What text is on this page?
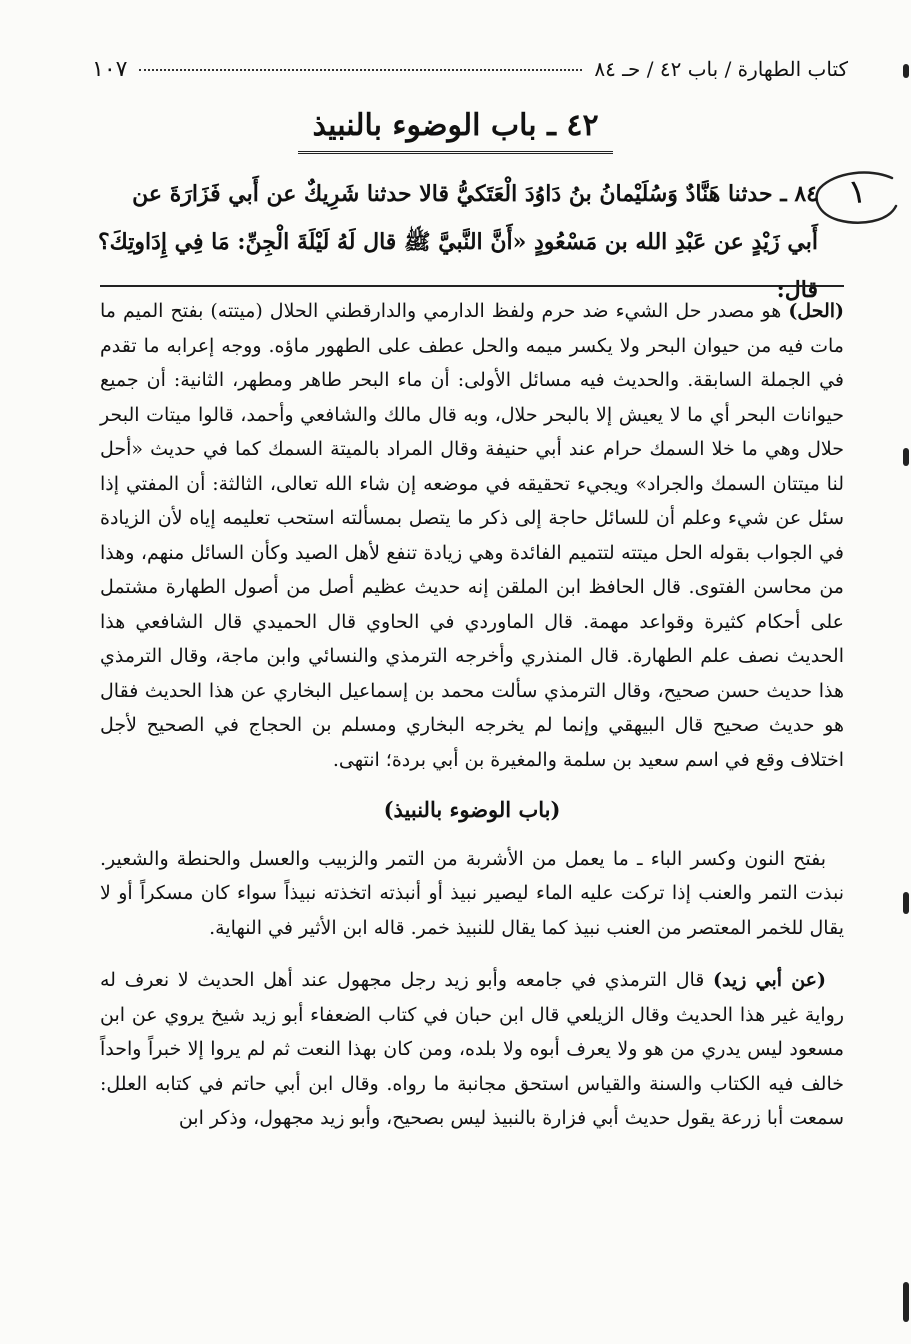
كتاب الطهارة / باب ٤٢ / حـ ٨٤
١٠٧
٤٢ ـ باب الوضوء بالنبيذ
١

٨٤ ـ حدثنا هَنَّادٌ وَسُلَيْمانُ بنُ دَاوُدَ الْعَتَكيُّ قالا حدثنا شَرِيكٌ عن أَبي فَزَارَةَ عن

أَبي زَيْدٍ عن عَبْدِ الله بن مَسْعُودٍ «أَنَّ النَّبيَّ ﷺ قال لَهُ لَيْلَةَ الْجِنِّ: مَا فِي إِدَاوتِكَ؟ قال:

(الحل) هو مصدر حل الشيء ضد حرم ولفظ الدارمي والدارقطني الحلال (ميتته) بفتح الميم ما مات فيه من حيوان البحر ولا يكسر ميمه والحل عطف على الطهور ماؤه. ووجه إعرابه ما تقدم في الجملة السابقة. والحديث فيه مسائل الأولى: أن ماء البحر طاهر ومطهر، الثانية: أن جميع حيوانات البحر أي ما لا يعيش إلا بالبحر حلال، وبه قال مالك والشافعي وأحمد، قالوا ميتات البحر حلال وهي ما خلا السمك حرام عند أبي حنيفة وقال المراد بالميتة السمك كما في حديث «أحل لنا ميتتان السمك والجراد» ويجيء تحقيقه في موضعه إن شاء الله تعالى، الثالثة: أن المفتي إذا سئل عن شيء وعلم أن للسائل حاجة إلى ذكر ما يتصل بمسألته استحب تعليمه إياه لأن الزيادة في الجواب بقوله الحل ميتته لتتميم الفائدة وهي زيادة تنفع لأهل الصيد وكأن السائل منهم، وهذا من محاسن الفتوى. قال الحافظ ابن الملقن إنه حديث عظيم أصل من أصول الطهارة مشتمل على أحكام كثيرة وقواعد مهمة. قال الماوردي في الحاوي قال الحميدي قال الشافعي هذا الحديث نصف علم الطهارة. قال المنذري وأخرجه الترمذي والنسائي وابن ماجة، وقال الترمذي هذا حديث حسن صحيح، وقال الترمذي سألت محمد بن إسماعيل البخاري عن هذا الحديث فقال هو حديث صحيح قال البيهقي وإنما لم يخرجه البخاري ومسلم بن الحجاج في الصحيح لأجل اختلاف وقع في اسم سعيد بن سلمة والمغيرة بن أبي بردة؛ انتهى.

(باب الوضوء بالنبيذ)

بفتح النون وكسر الباء ـ ما يعمل من الأشربة من التمر والزبيب والعسل والحنطة والشعير. نبذت التمر والعنب إذا تركت عليه الماء ليصير نبيذ أو أنبذته اتخذته نبيذاً سواء كان مسكراً أو لا يقال للخمر المعتصر من العنب نبيذ كما يقال للنبيذ خمر. قاله ابن الأثير في النهاية.

(عن أبي زيد) قال الترمذي في جامعه وأبو زيد رجل مجهول عند أهل الحديث لا نعرف له رواية غير هذا الحديث وقال الزيلعي قال ابن حبان في كتاب الضعفاء أبو زيد شيخ يروي عن ابن مسعود ليس يدري من هو ولا يعرف أبوه ولا بلده، ومن كان بهذا النعت ثم لم يروا إلا خبراً واحداً خالف فيه الكتاب والسنة والقياس استحق مجانبة ما رواه. وقال ابن أبي حاتم في كتابه العلل: سمعت أبا زرعة يقول حديث أبي فزارة بالنبيذ ليس بصحيح، وأبو زيد مجهول، وذكر ابن
